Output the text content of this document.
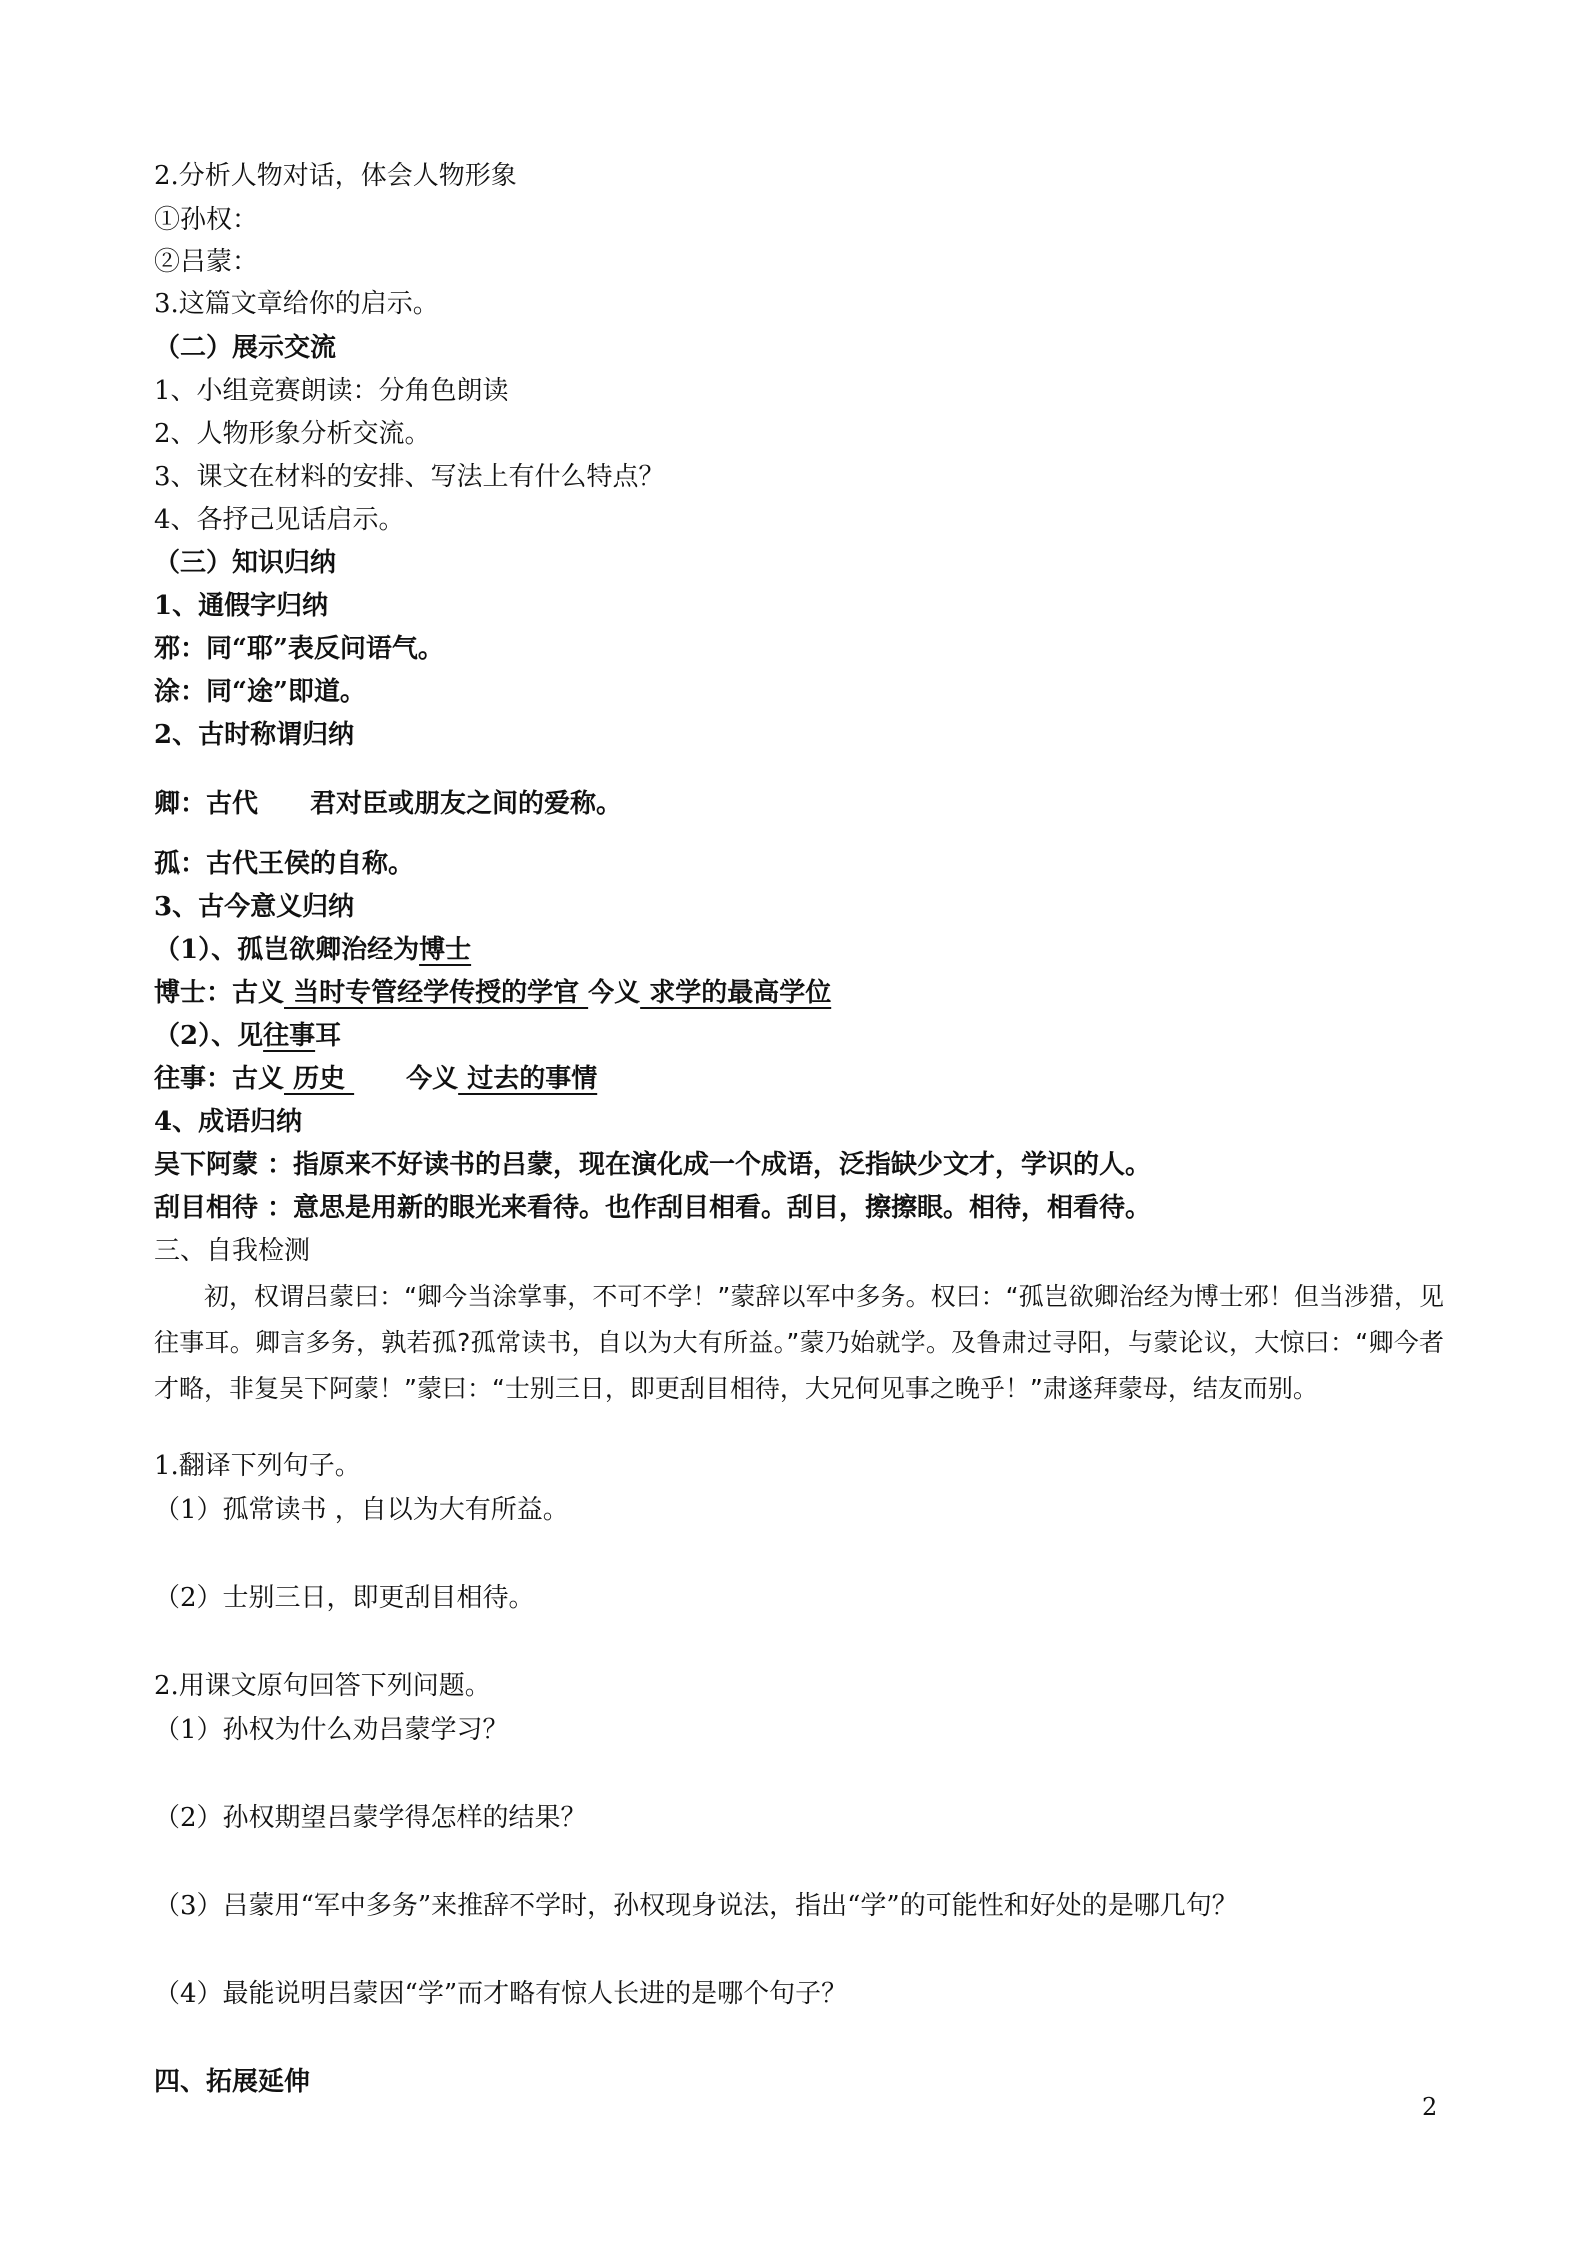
2.分析人物对话，体会人物形象
①孙权：
②吕蒙：
3.这篇文章给你的启示。
（二）展示交流
1、小组竞赛朗读：分角色朗读
2、人物形象分析交流。
3、课文在材料的安排、写法上有什么特点？
4、各抒己见话启示。
（三）知识归纳
1、通假字归纳
邪：同“耶”表反问语气。
涂：同“途”即道。
2、古时称谓归纳
卿：古代 君对臣或朋友之间的爱称。
孤：古代王侯的自称。
3、古今意义归纳
（1）、孤岂欲卿治经为博士
博士：古义 当时专管经学传授的学官 今义 求学的最高学位
（2）、见往事耳
往事：古义 历史 今义 过去的事情
4、成语归纳
吴下阿蒙 ：指原来不好读书的吕蒙，现在演化成一个成语，泛指缺少文才，学识的人。
刮目相待 ：意思是用新的眼光来看待。也作刮目相看。刮目，擦擦眼。相待，相看待。
三、自我检测

初，权谓吕蒙曰：“卿今当涂掌事，不可不学！”蒙辞以军中多务。权曰：“孤岂欲卿治经为博士邪！但当涉猎，见往事耳。卿言多务，孰若孤?孤常读书，自以为大有所益。”蒙乃始就学。及鲁肃过寻阳，与蒙论议，大惊曰：“卿今者才略，非复吴下阿蒙！”蒙曰：“士别三日，即更刮目相待，大兄何见事之晚乎！”肃遂拜蒙母，结友而别。

1.翻译下列句子。
（1）孤常读书 ，自以为大有所益。
（2）士别三日，即更刮目相待。
2.用课文原句回答下列问题。
（1）孙权为什么劝吕蒙学习？
（2）孙权期望吕蒙学得怎样的结果？
（3）吕蒙用“军中多务”来推辞不学时，孙权现身说法，指出“学”的可能性和好处的是哪几句？
（4）最能说明吕蒙因“学”而才略有惊人长进的是哪个句子？
四、拓展延伸
2
